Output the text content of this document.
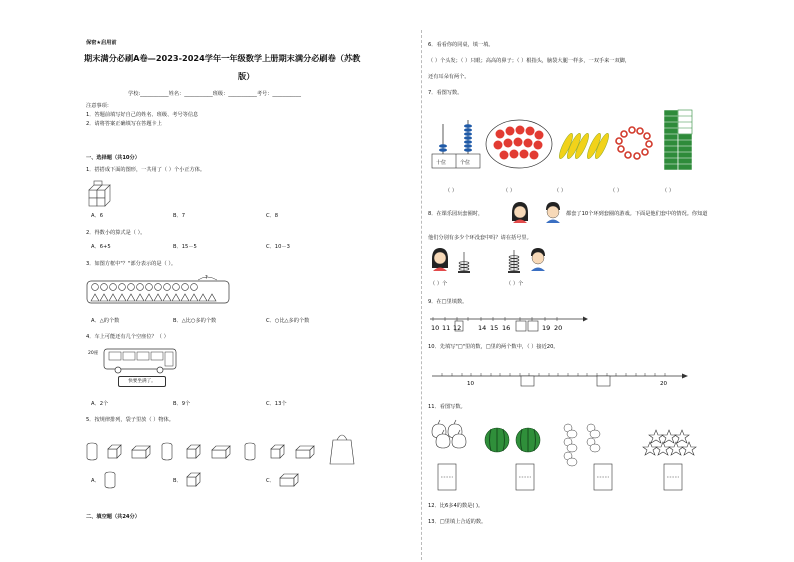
保密★启用前
期末满分必刷A卷—2023-2024学年一年级数学上册期末满分必刷卷（苏教
版）
学校:___________姓名：___________班级：___________考号：___________
注意事项：
1．答题前填写好自己的姓名、班级、考号等信息
2．请将答案正确填写在答题卡上
一、选择题（共10分）
1．搭搭成下面的图形，一共用了（ ）个小正方体。
A．6	B．7	C．8
2．得数小的算式是（ ）。
A．6+5	B．15－5	C．10－3
3．如图方框中"？"部分表示的是（ ）。
?
A．△的个数	B．△比○多的个数	C．○比△多的个数
4．车上可能还有几个空座位？（ ）
20座
快要坐满了。
A．2个	B．9个	C．13个
5．按规律排列，袋子里放（ ）物体。
A．	B．	C．
二、填空题（共24分）
6．看看你的同桌，填一填。
（ ）个头发；（ ）只眼；高高的鼻子；（ ）根指头，脑袋大腿一样多，一双手来一双脚，
还有耳朵有两个。
7．看图写数。
十位	个位
（ ）	（ ）	（ ）	（ ）	（ ）
8．在课乐园玩套圈时，	都套了10个环到套圈的游戏。下面是他们套中的情况。你知道
他们分别有多少个环没套中吗？请在括号里。
（ ）个	（ ）个
9．在□里填数。
10 11 12	14 15 16	19 20
10．先填写"□"里的数，□里的两个数中，（ ）接近20。
10	20
11．看图写数。
12．比6多4的数是( )。
13．□里填上合适的数。
